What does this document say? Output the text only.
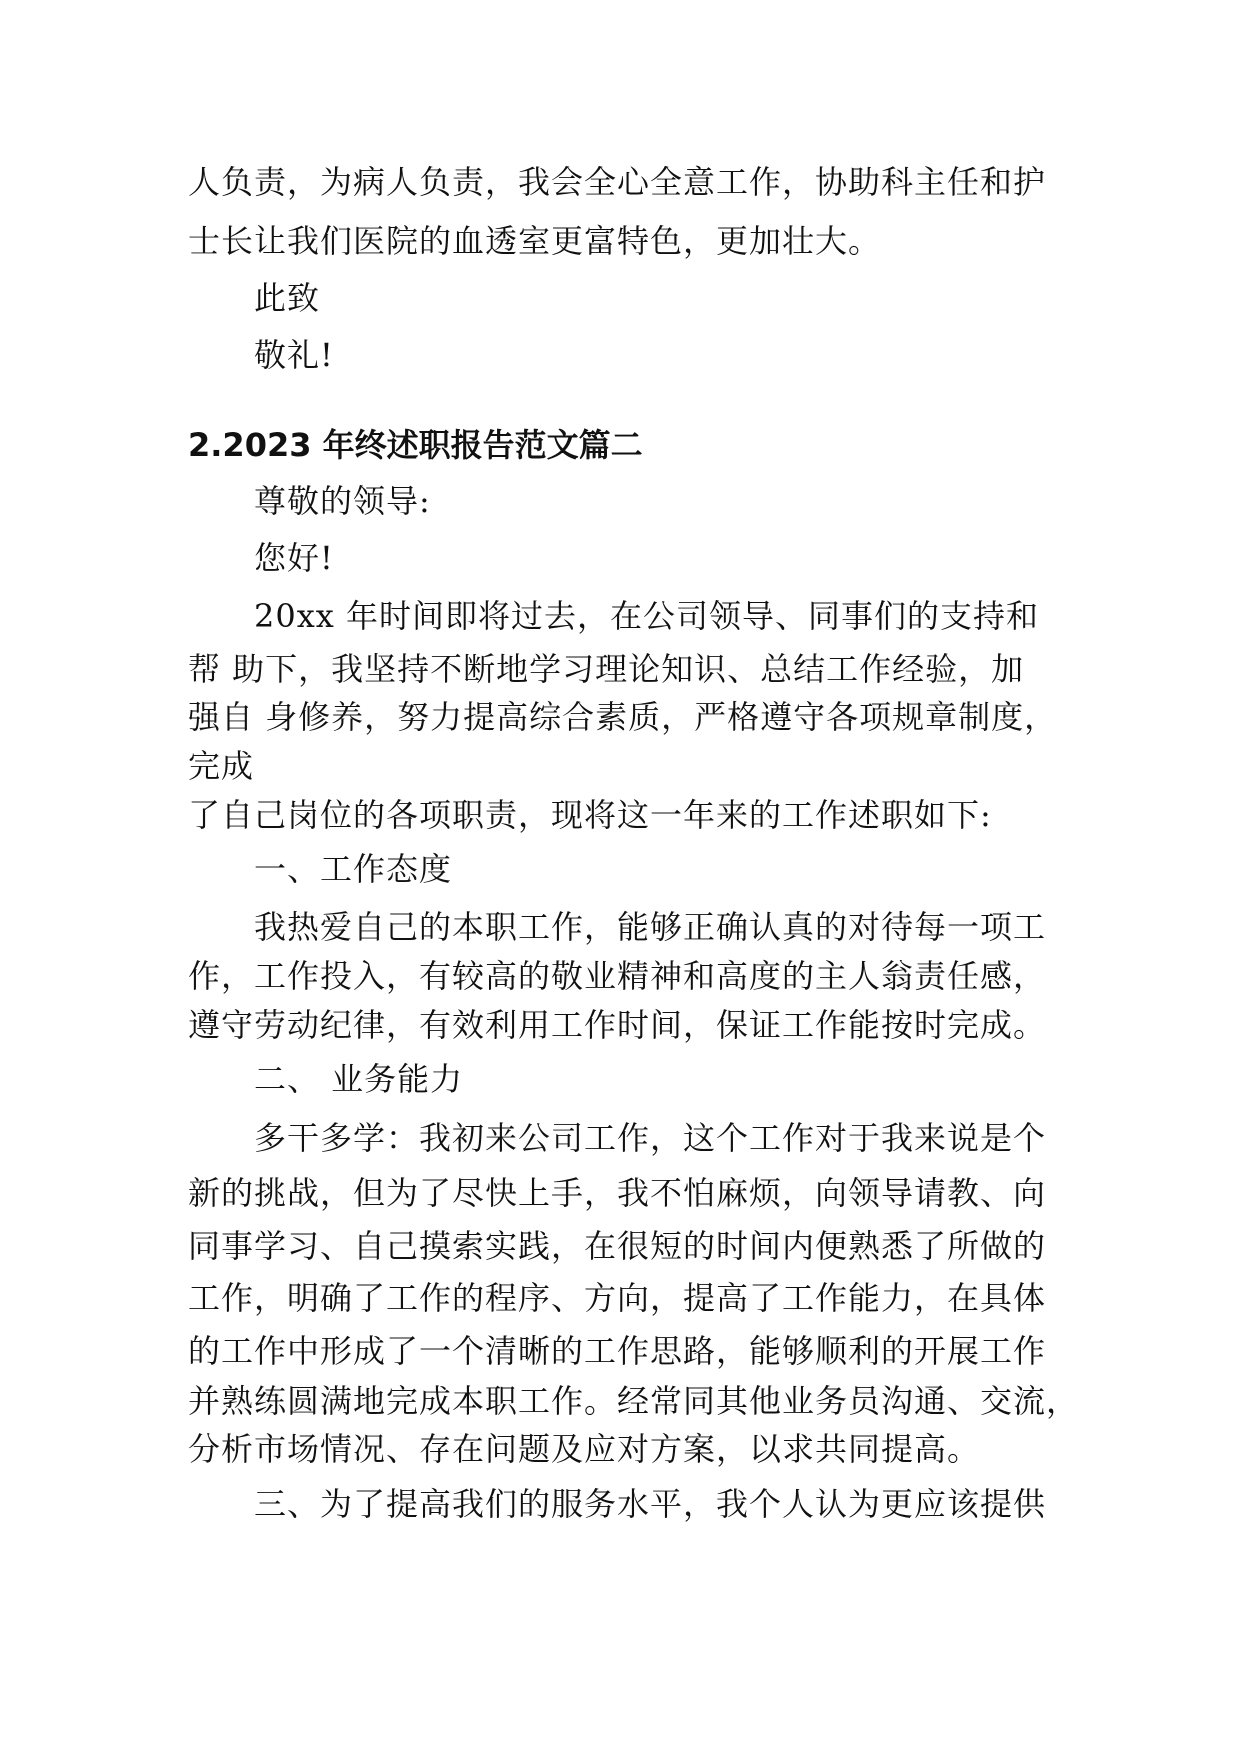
人负责，为病人负责，我会全心全意工作，协助科主任和护
士长让我们医院的血透室更富特色，更加壮大。
此致
敬礼!
2.2023 年终述职报告范文篇二
尊敬的领导:
您好!
20xx 年时间即将过去，在公司领导、同事们的支持和
帮 助下，我坚持不断地学习理论知识、总结工作经验，加
强自 身修养，努力提高综合素质，严格遵守各项规章制度，
完成
了自己岗位的各项职责，现将这一年来的工作述职如下:
一、工作态度
我热爱自己的本职工作，能够正确认真的对待每一项工
作，工作投入，有较高的敬业精神和高度的主人翁责任感，
遵守劳动纪律，有效利用工作时间，保证工作能按时完成。
二、 业务能力
多干多学：我初来公司工作，这个工作对于我来说是个
新的挑战，但为了尽快上手，我不怕麻烦，向领导请教、向
同事学习、自己摸索实践，在很短的时间内便熟悉了所做的
工作，明确了工作的程序、方向，提高了工作能力，在具体
的工作中形成了一个清晰的工作思路，能够顺利的开展工作
并熟练圆满地完成本职工作。经常同其他业务员沟通、交流，
分析市场情况、存在问题及应对方案，以求共同提高。
三、为了提高我们的服务水平，我个人认为更应该提供
